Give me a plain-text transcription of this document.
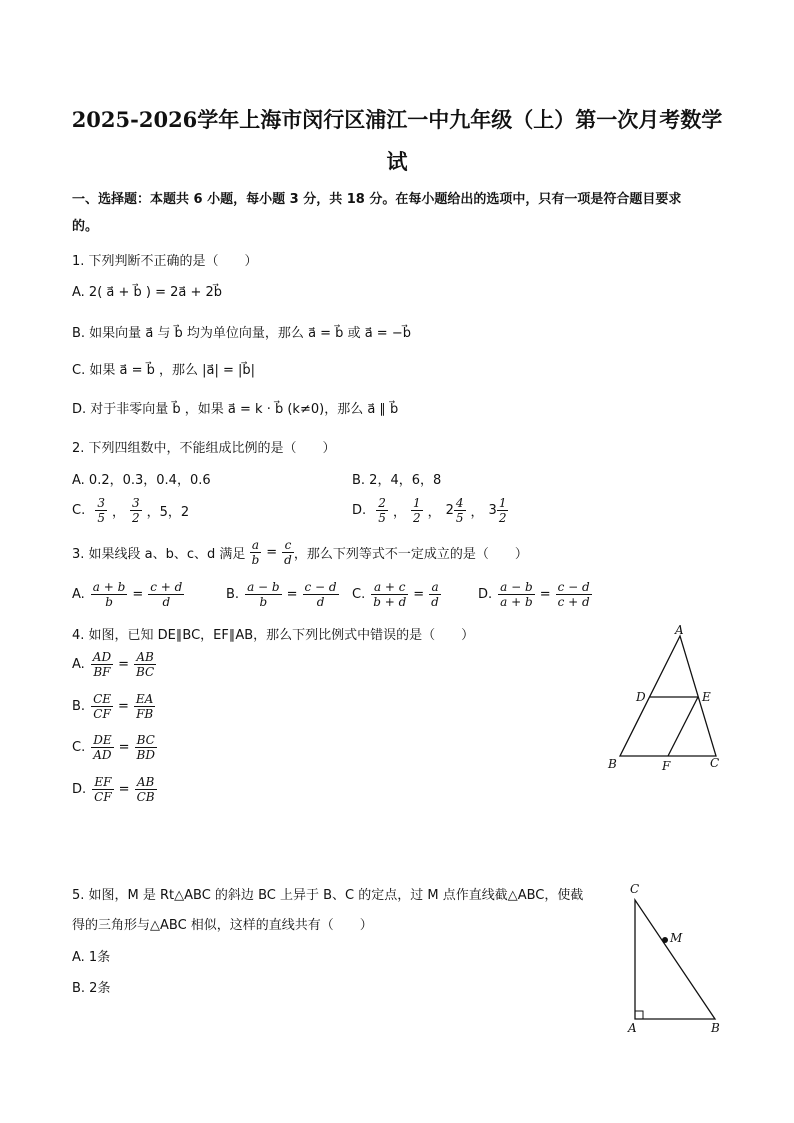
2025-2026学年上海市闵行区浦江一中九年级（上）第一次月考数学
试
一、选择题：本题共 6 小题，每小题 3 分，共 18 分。在每小题给出的选项中，只有一项是符合题目要求
的。
1. 下列判断不正确的是（　　）
A. 2( a⃗ + b⃗ ) = 2a⃗ + 2b⃗
B. 如果向量 a⃗ 与 b⃗ 均为单位向量，那么 a⃗ = b⃗ 或 a⃗ = −b⃗
C. 如果 a⃗ = b⃗ ，那么 |a⃗| = |b⃗|
D. 对于非零向量 b⃗ ，如果 a⃗ = k · b⃗ (k≠0)，那么 a⃗ ∥ b⃗
2. 下列四组数中，不能组成比例的是（　　）
A. 0.2，0.3，0.4，0.6	B. 2，4，6，8
C. $\frac{3}{5}$ ， $\frac{3}{2}$ ，5，2	D. $\frac{2}{5}$ ， $\frac{1}{2}$ ， $2 \frac{4}{5}$ ， $3 \frac{1}{2}$
3. 如果线段 a、b、c、d 满足 $\frac{a}{b} = \frac{c}{d}$ ，那么下列等式不一定成立的是（　　）
A. $\frac{a + b}{b} = \frac{c + d}{d}$	B. $\frac{a - b}{b} = \frac{c - d}{d} C$. $\frac{a + c}{b + d} = \frac{a}{d}$	D. $\frac{a - b}{a + b} = \frac{c - d}{c + d}$
4. 如图，已知 DE∥BC，EF∥AB，那么下列比例式中错误的是（　　）
A. $\frac{AD}{BF} = \frac{AB}{BC}$
B. $\frac{CE}{CF} = \frac{EA}{FB}$
C. $\frac{DE}{AD} = \frac{BC}{BD}$
D. $\frac{EF}{CF} = \frac{AB}{CB}$
A
B	C
D	E
F
5. 如图，M 是 Rt△ABC 的斜边 BC 上异于 B、C 的定点，过 M 点作直线截△ABC，使截
得的三角形与△ABC 相似，这样的直线共有（　　）
A. 1条
B. 2条
C
A	B
M
